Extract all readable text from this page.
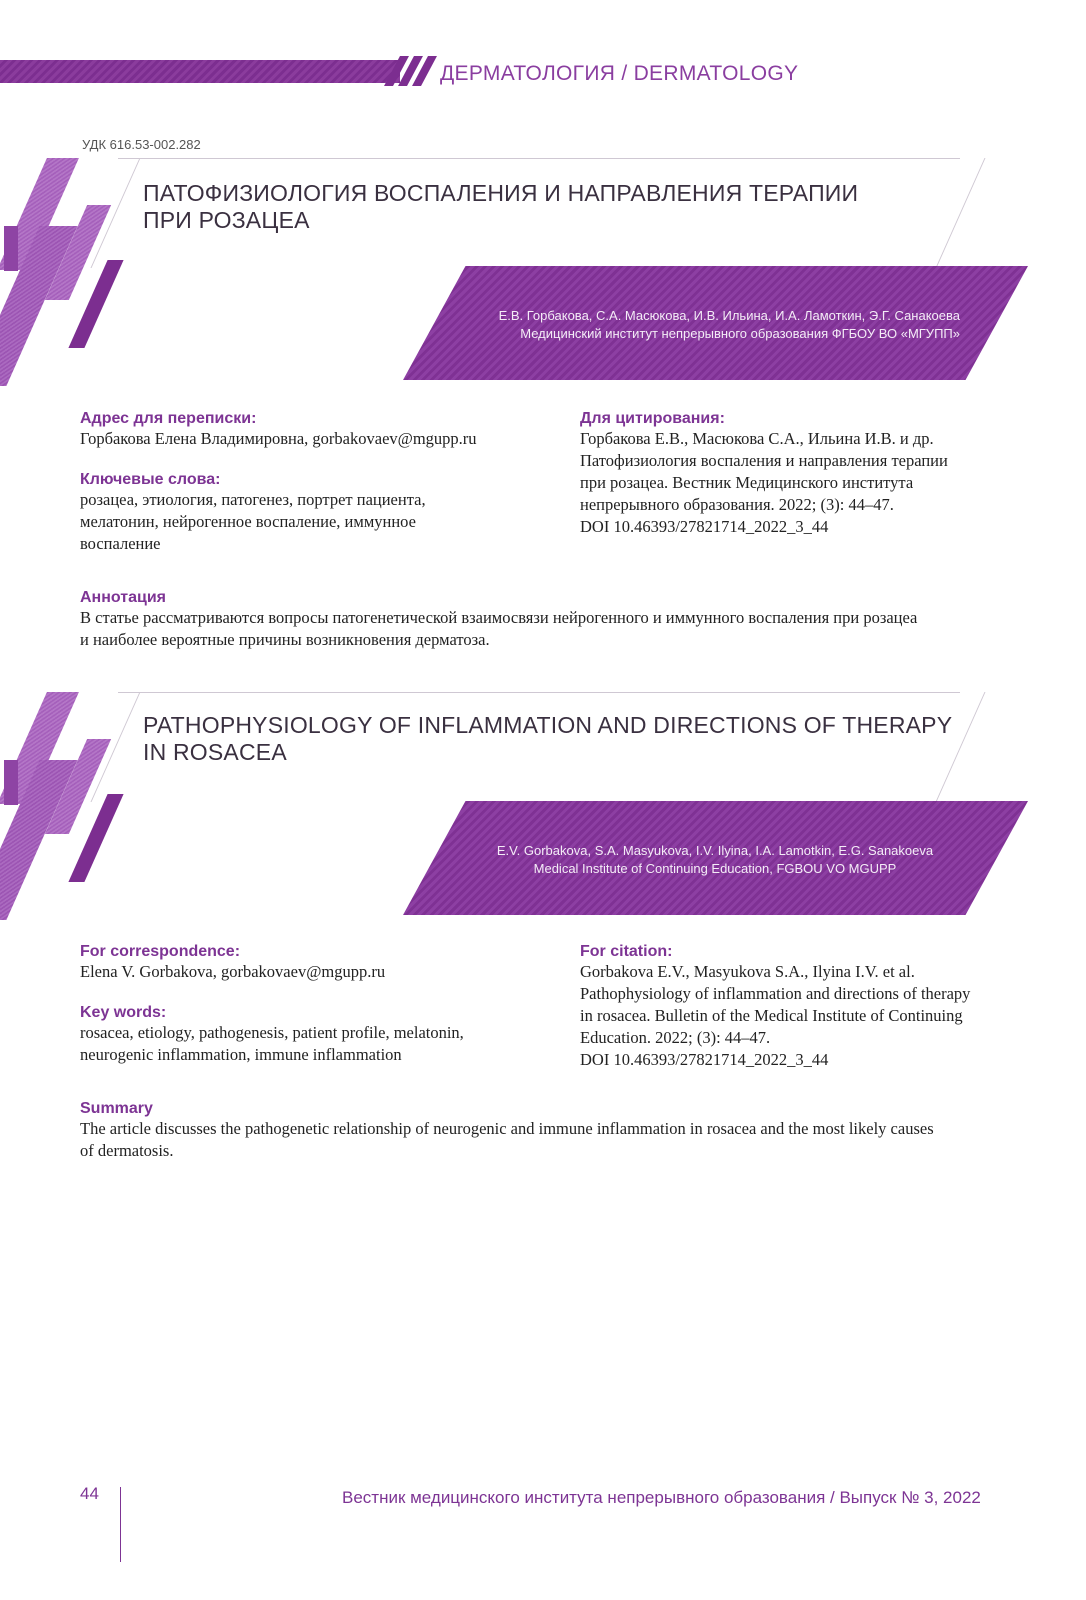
ДЕРМАТОЛОГИЯ / DERMATOLOGY
УДК 616.53-002.282
ПАТОФИЗИОЛОГИЯ ВОСПАЛЕНИЯ И НАПРАВЛЕНИЯ ТЕРАПИИ
ПРИ РОЗАЦЕА
Е.В. Горбакова, С.А. Масюкова, И.В. Ильина, И.А. Ламоткин, Э.Г. Санакоева
Медицинский институт непрерывного образования ФГБОУ ВО «МГУПП»
Адрес для переписки:
Горбакова Елена Владимировна, gorbakovaev@mgupp.ru
Ключевые слова:
розацеа, этиология, патогенез, портрет пациента,
мелатонин, нейрогенное воспаление, иммунное
воспаление
Для цитирования:
Горбакова Е.В., Масюкова С.А., Ильина И.В. и др.
Патофизиология воспаления и направления терапии
при розацеа. Вестник Медицинского института
непрерывного образования. 2022; (3): 44–47.
DOI 10.46393/27821714_2022_3_44
Аннотация
В статье рассматриваются вопросы патогенетической взаимосвязи нейрогенного и иммунного воспаления при розацеа
и наиболее вероятные причины возникновения дерматоза.
PATHOPHYSIOLOGY OF INFLAMMATION AND DIRECTIONS OF THERAPY
IN ROSACEA
E.V. Gorbakova, S.A. Masyukova, I.V. Ilyina, I.A. Lamotkin, E.G. Sanakoeva
Medical Institute of Continuing Education, FGBOU VO MGUPP
For correspondence:
Elena V. Gorbakova, gorbakovaev@mgupp.ru
Key words:
rosacea, etiology, pathogenesis, patient profile, melatonin,
neurogenic inflammation, immune inflammation
For citation:
Gorbakova E.V., Masyukova S.A., Ilyina I.V. et al.
Pathophysiology of inflammation and directions of therapy
in rosacea. Bulletin of the Medical Institute of Continuing
Education. 2022; (3): 44–47.
DOI 10.46393/27821714_2022_3_44
Summary
The article discusses the pathogenetic relationship of neurogenic and immune inflammation in rosacea and the most likely causes
of dermatosis.
44	Вестник медицинского института непрерывного образования / Выпуск № 3, 2022
